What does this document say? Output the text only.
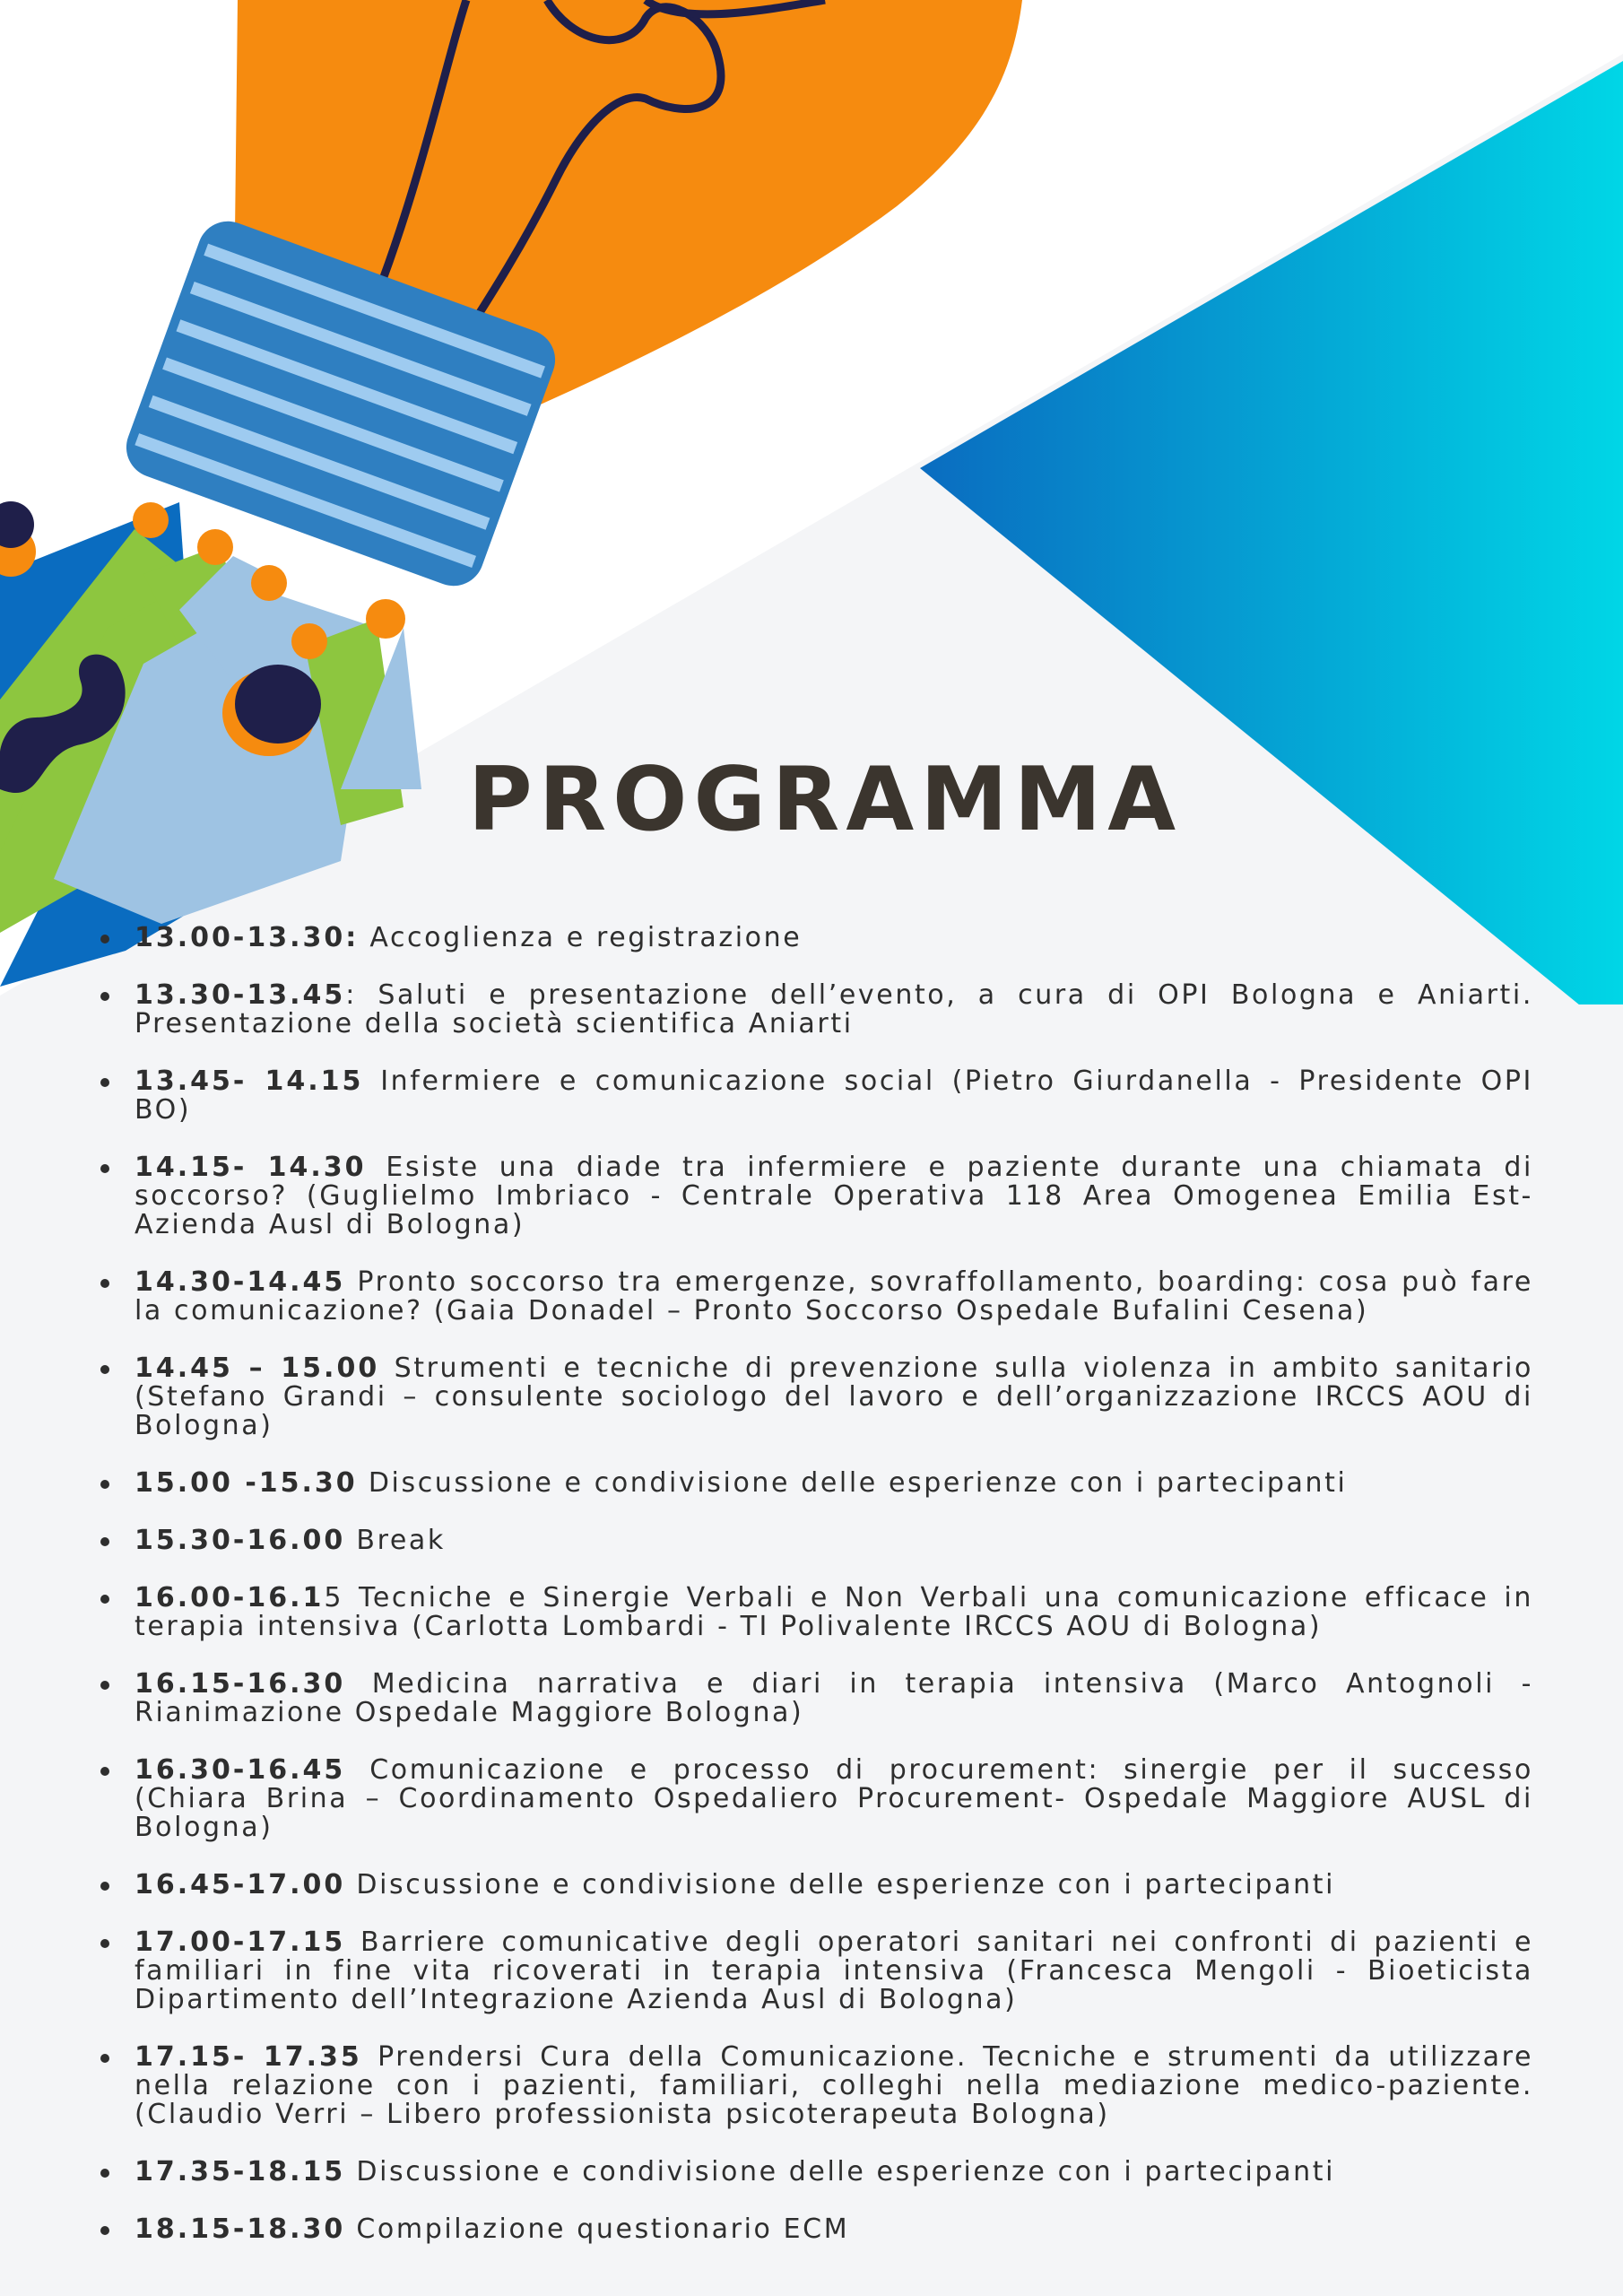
PROGRAMMA
13.00-13.30: Accoglienza e registrazione
13.30-13.45: Saluti e presentazione dell’evento, a cura di OPI Bologna e Aniarti. Presentazione della società scientifica Aniarti
13.45- 14.15 Infermiere e comunicazione social (Pietro Giurdanella - Presidente OPI BO)
14.15- 14.30 Esiste una diade tra infermiere e paziente durante una chiamata di soccorso? (Guglielmo Imbriaco - Centrale Operativa 118 Area Omogenea Emilia Est-Azienda Ausl di Bologna)
14.30-14.45 Pronto soccorso tra emergenze, sovraffollamento, boarding: cosa può fare la comunicazione? (Gaia Donadel – Pronto Soccorso Ospedale Bufalini Cesena)
14.45 – 15.00 Strumenti e tecniche di prevenzione sulla violenza in ambito sanitario (Stefano Grandi – consulente sociologo del lavoro e dell’organizzazione IRCCS AOU di Bologna)
15.00 -15.30 Discussione e condivisione delle esperienze con i partecipanti
15.30-16.00 Break
16.00-16.15 Tecniche e Sinergie Verbali e Non Verbali una comunicazione efficace in terapia intensiva (Carlotta Lombardi - TI Polivalente IRCCS AOU di Bologna)
16.15-16.30 Medicina narrativa e diari in terapia intensiva (Marco Antognoli - Rianimazione Ospedale Maggiore Bologna)
16.30-16.45 Comunicazione e processo di procurement: sinergie per il successo (Chiara Brina – Coordinamento Ospedaliero Procurement- Ospedale Maggiore AUSL di Bologna)
16.45-17.00 Discussione e condivisione delle esperienze con i partecipanti
17.00-17.15 Barriere comunicative degli operatori sanitari nei confronti di pazienti e familiari in fine vita ricoverati in terapia intensiva (Francesca Mengoli - Bioeticista Dipartimento dell’Integrazione Azienda Ausl di Bologna)
17.15- 17.35 Prendersi Cura della Comunicazione. Tecniche e strumenti da utilizzare nella relazione con i pazienti, familiari, colleghi nella mediazione medico-paziente. (Claudio Verri – Libero professionista psicoterapeuta Bologna)
17.35-18.15 Discussione e condivisione delle esperienze con i partecipanti
18.15-18.30 Compilazione questionario ECM
